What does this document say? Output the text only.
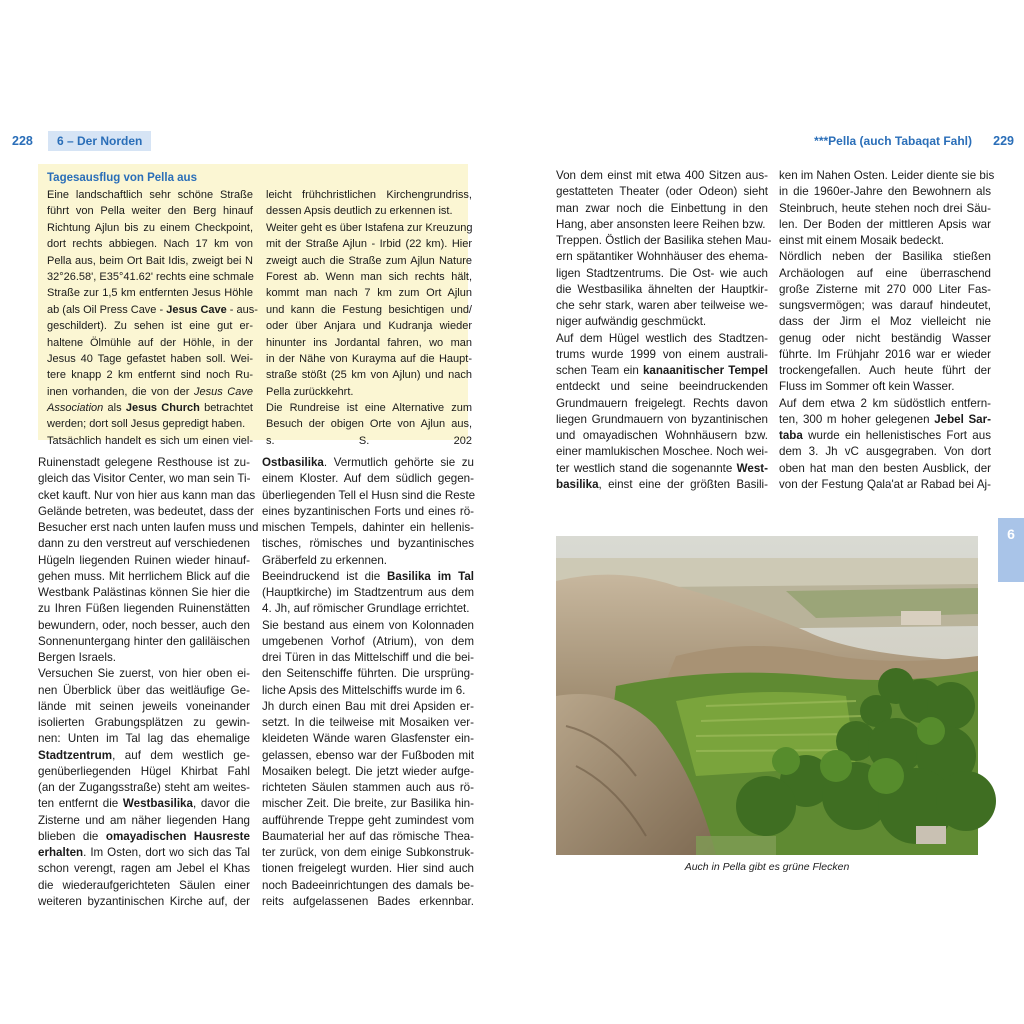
228	6 – Der Norden	***Pella (auch Tabaqat Fahl) 229
6
Tagesausflug von Pella aus
Eine landschaftlich sehr schöne Straße
führt von Pella weiter den Berg hinauf
Richtung Ajlun bis zu einem Checkpoint,
dort rechts abbiegen. Nach 17 km von
Pella aus, beim Ort Bait Idis, zweigt bei N
32°26.58', E35°41.62' rechts eine schmale
Straße zur 1,5 km entfernten Jesus Höhle
ab (als Oil Press Cave - Jesus Cave - aus-
geschildert). Zu sehen ist eine gut er-
haltene Ölmühle auf der Höhle, in der
Jesus 40 Tage gefastet haben soll. Wei-
tere knapp 2 km entfernt sind noch Ru-
inen vorhanden, die von der Jesus Cave
Association als Jesus Church betrachtet
werden; dort soll Jesus gepredigt haben.
Tatsächlich handelt es sich um einen viel-
leicht frühchristlichen Kirchengrundriss,
dessen Apsis deutlich zu erkennen ist.
Weiter geht es über Istafena zur Kreuzung
mit der Straße Ajlun - Irbid (22 km). Hier
zweigt auch die Straße zum Ajlun Nature
Forest ab. Wenn man sich rechts hält,
kommt man nach 7 km zum Ort Ajlun
und kann die Festung besichtigen und/
oder über Anjara und Kudranja wieder
hinunter ins Jordantal fahren, wo man
in der Nähe von Kurayma auf die Haupt-
straße stößt (25 km von Ajlun) und nach
Pella zurückkehrt.
Die Rundreise ist eine Alternative zum
Besuch der obigen Orte von Ajlun aus,
s. S. 202
Ruinenstadt gelegene Resthouse ist zu-
gleich das Visitor Center, wo man sein Ti-
cket kauft. Nur von hier aus kann man das
Gelände betreten, was bedeutet, dass der
Besucher erst nach unten laufen muss und
dann zu den verstreut auf verschiedenen
Hügeln liegenden Ruinen wieder hinauf-
gehen muss. Mit herrlichem Blick auf die
Westbank Palästinas können Sie hier die
zu Ihren Füßen liegenden Ruinenstätten
bewundern, oder, noch besser, auch den
Sonnenuntergang hinter den galiläischen
Bergen Israels.
Versuchen Sie zuerst, von hier oben ei-
nen Überblick über das weitläufige Ge-
lände mit seinen jeweils voneinander
isolierten Grabungsplätzen zu gewin-
nen: Unten im Tal lag das ehemalige
Stadtzentrum, auf dem westlich ge-
genüberliegenden Hügel Khirbat Fahl
(an der Zugangsstraße) steht am weites-
ten entfernt die Westbasilika, davor die
Zisterne und am näher liegenden Hang
blieben die omayadischen Hausreste
erhalten. Im Osten, dort wo sich das Tal
schon verengt, ragen am Jebel el Khas
die wiederaufgerichteten Säulen einer
weiteren byzantinischen Kirche auf, der
Ostbasilika. Vermutlich gehörte sie zu
einem Kloster. Auf dem südlich gegen-
überliegenden Tell el Husn sind die Reste
eines byzantinischen Forts und eines rö-
mischen Tempels, dahinter ein hellenis-
tisches, römisches und byzantinisches
Gräberfeld zu erkennen.
Beeindruckend ist die Basilika im Tal
(Hauptkirche) im Stadtzentrum aus dem
4. Jh, auf römischer Grundlage errichtet.
Sie bestand aus einem von Kolonnaden
umgebenen Vorhof (Atrium), von dem
drei Türen in das Mittelschiff und die bei-
den Seitenschiffe führten. Die ursprüng-
liche Apsis des Mittelschiffs wurde im 6.
Jh durch einen Bau mit drei Apsiden er-
setzt. In die teilweise mit Mosaiken ver-
kleideten Wände waren Glasfenster ein-
gelassen, ebenso war der Fußboden mit
Mosaiken belegt. Die jetzt wieder aufge-
richteten Säulen stammen auch aus rö-
mischer Zeit. Die breite, zur Basilika hin-
aufführende Treppe geht zumindest vom
Baumaterial her auf das römische Thea-
ter zurück, von dem einige Subkonstruk-
tionen freigelegt wurden. Hier sind auch
noch Badeeinrichtungen des damals be-
reits aufgelassenen Bades erkennbar.
Von dem einst mit etwa 400 Sitzen aus-
gestatteten Theater (oder Odeon) sieht
man zwar noch die Einbettung in den
Hang, aber ansonsten leere Reihen bzw.
Treppen. Östlich der Basilika stehen Mau-
ern spätantiker Wohnhäuser des ehema-
ligen Stadtzentrums. Die Ost- wie auch
die Westbasilika ähnelten der Hauptkir-
che sehr stark, waren aber teilweise we-
niger aufwändig geschmückt.
Auf dem Hügel westlich des Stadtzen-
trums wurde 1999 von einem australi-
schen Team ein kanaanitischer Tempel
entdeckt und seine beeindruckenden
Grundmauern freigelegt. Rechts davon
liegen Grundmauern von byzantinischen
und omayadischen Wohnhäusern bzw.
einer mamlukischen Moschee. Noch wei-
ter westlich stand die sogenannte West-
basilika, einst eine der größten Basili-
ken im Nahen Osten. Leider diente sie bis
in die 1960er-Jahre den Bewohnern als
Steinbruch, heute stehen noch drei Säu-
len. Der Boden der mittleren Apsis war
einst mit einem Mosaik bedeckt.
Nördlich neben der Basilika stießen
Archäologen auf eine überraschend
große Zisterne mit 270 000 Liter Fas-
sungsvermögen; was darauf hindeutet,
dass der Jirm el Moz vielleicht nie
genug oder nicht beständig Wasser
führte. Im Frühjahr 2016 war er wieder
trockengefallen. Auch heute führt der
Fluss im Sommer oft kein Wasser.
Auf dem etwa 2 km südöstlich entfern-
ten, 300 m hoher gelegenen Jebel Sar-
taba wurde ein hellenistisches Fort aus
dem 3. Jh vC ausgegraben. Von dort
oben hat man den besten Ausblick, der
von der Festung Qala'at ar Rabad bei Aj-
Auch in Pella gibt es grüne Flecken
